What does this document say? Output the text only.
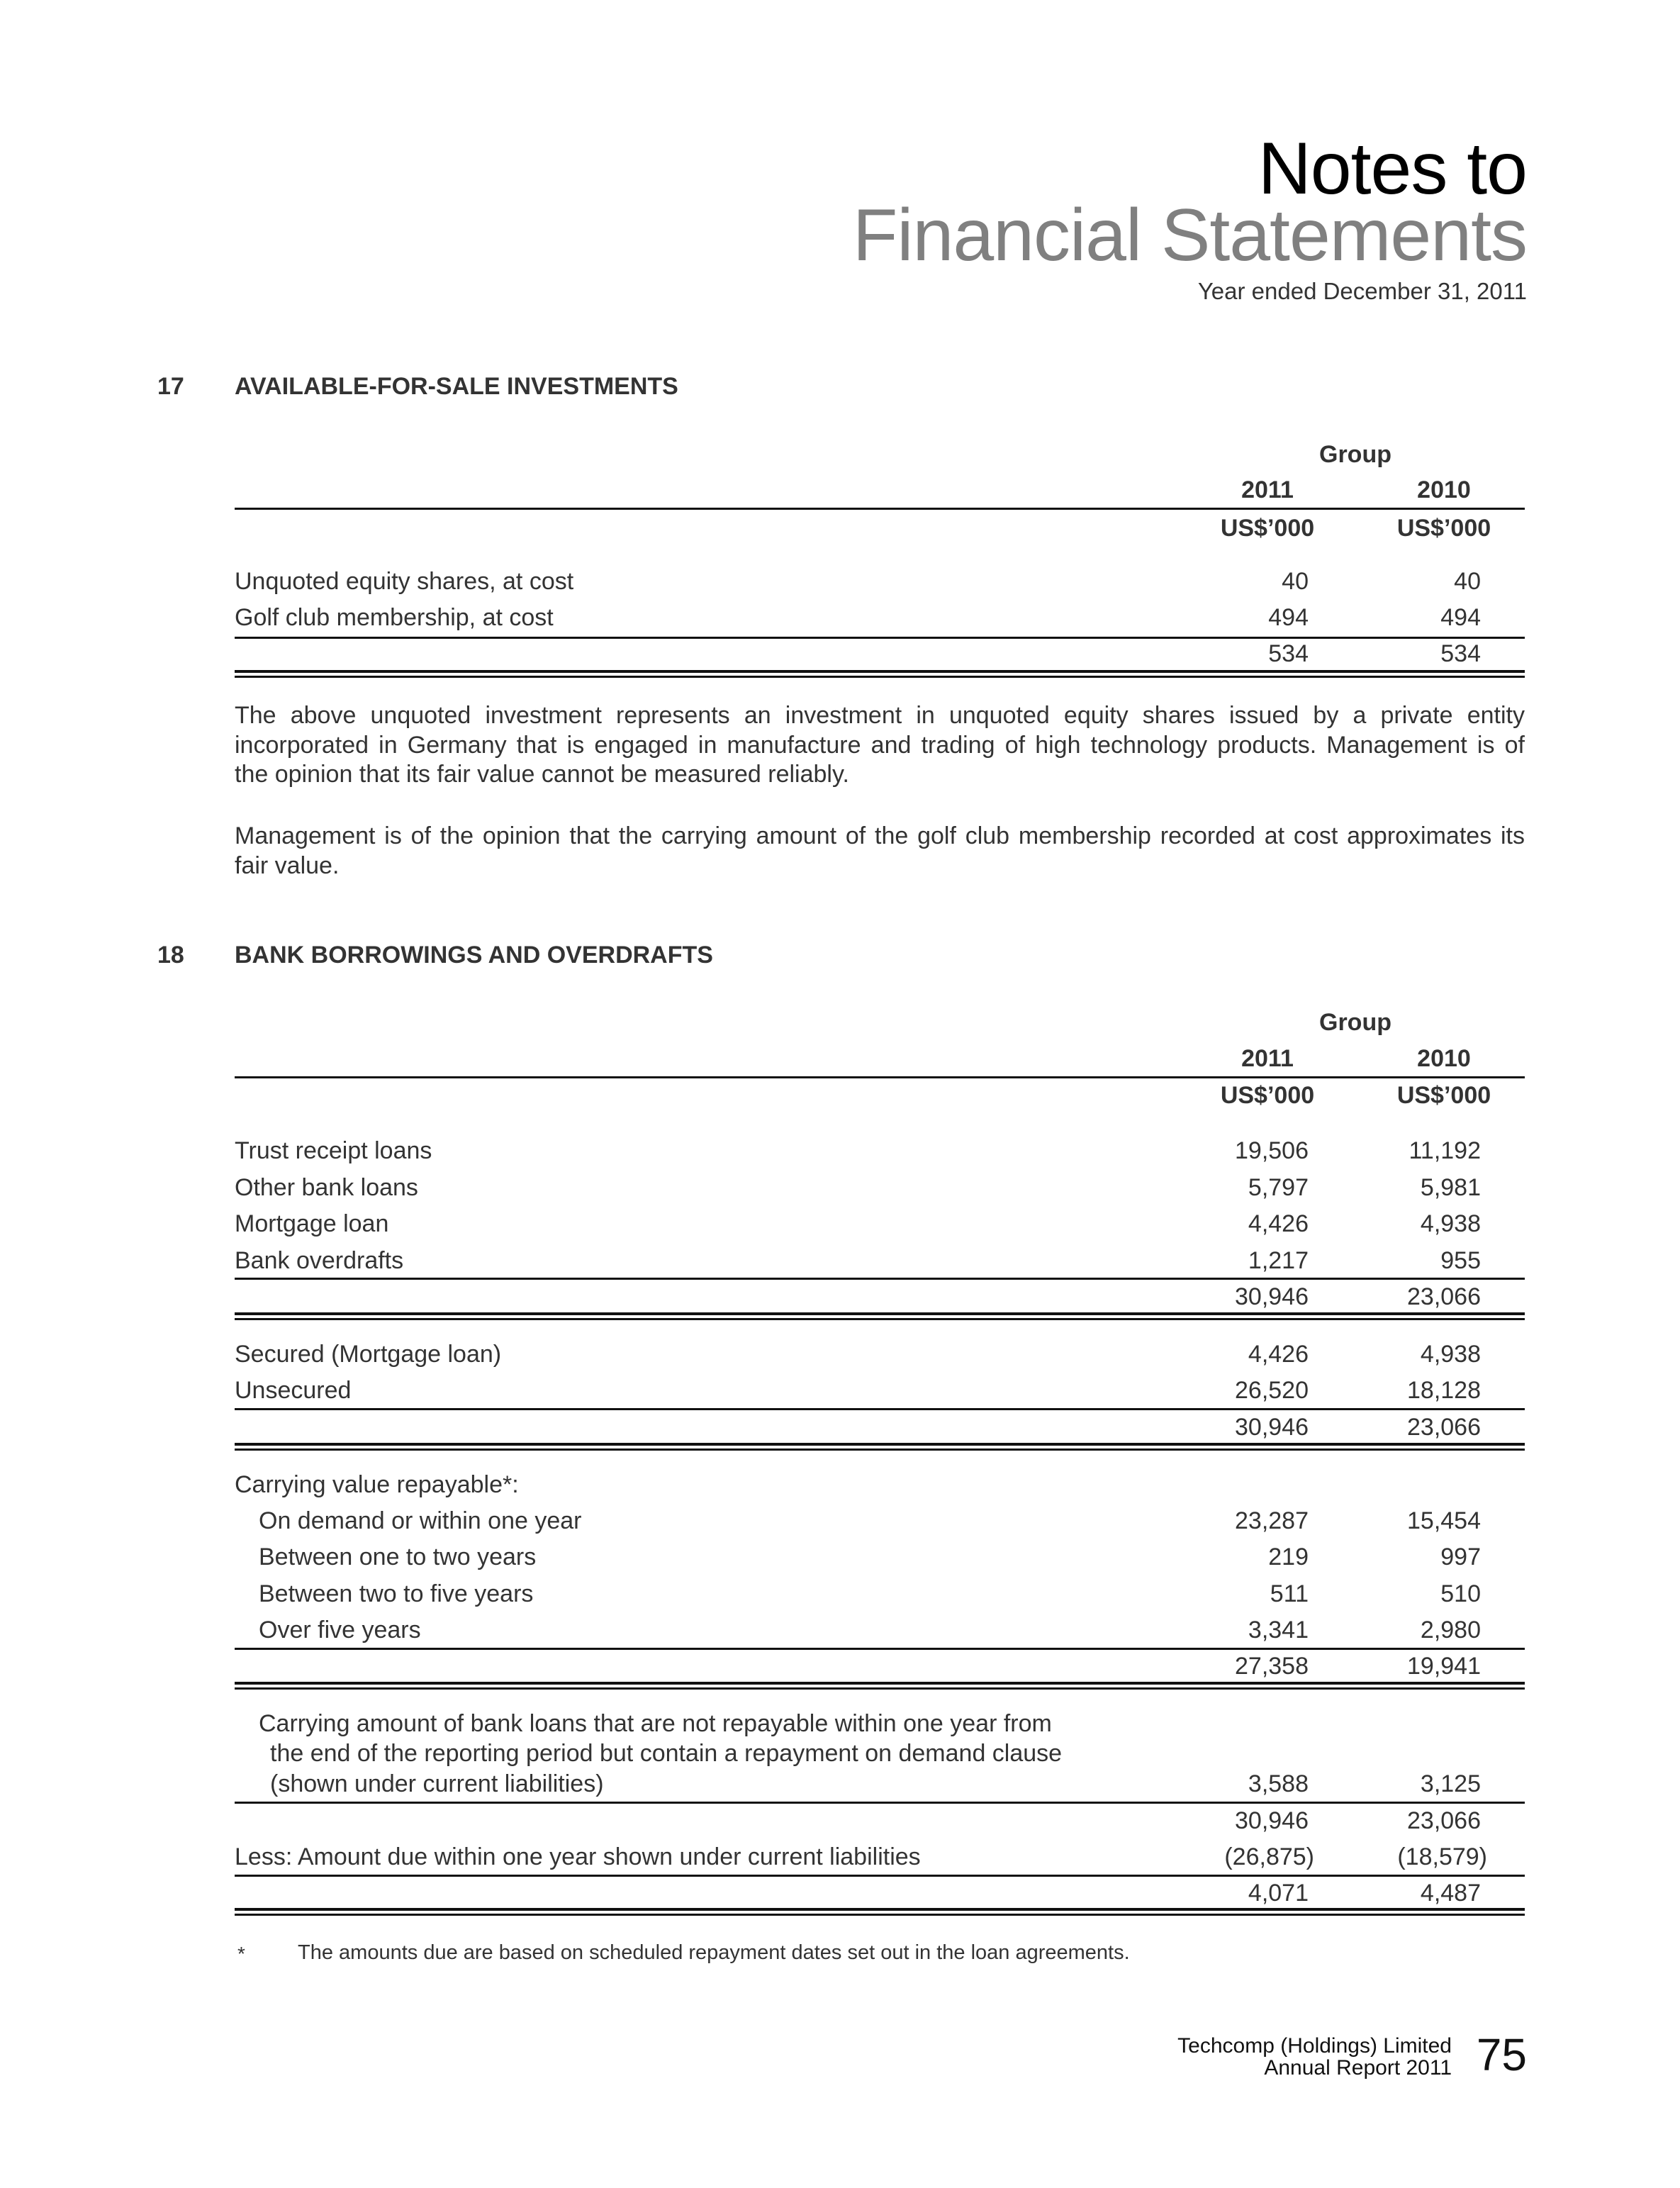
Notes to
Financial Statements
Year ended December 31, 2011
17 AVAILABLE-FOR-SALE INVESTMENTS
Group
2011	2010
US$’000	US$’000
Unquoted equity shares, at cost	40	40
Golf club membership, at cost	494	494
534	534
The above unquoted investment represents an investment in unquoted equity shares issued by a private entity
incorporated in Germany that is engaged in manufacture and trading of high technology products. Management is of
the opinion that its fair value cannot be measured reliably.
Management is of the opinion that the carrying amount of the golf club membership recorded at cost approximates its
fair value.
18 BANK BORROWINGS AND OVERDRAFTS
Group
2011	2010
US$’000	US$’000
Trust receipt loans	19,506	11,192
Other bank loans	5,797	5,981
Mortgage loan	4,426	4,938
Bank overdrafts	1,217	955
30,946	23,066
Secured (Mortgage loan)	4,426	4,938
Unsecured	26,520	18,128
30,946	23,066
Carrying value repayable*:
On demand or within one year	23,287	15,454
Between one to two years	219	997
Between two to five years	511	510
Over five years	3,341	2,980
27,358	19,941
Carrying amount of bank loans that are not repayable within one year from
the end of the reporting period but contain a repayment on demand clause
(shown under current liabilities)	3,588	3,125
30,946	23,066
Less: Amount due within one year shown under current liabilities	(26,875)	(18,579)
4,071	4,487
*	The amounts due are based on scheduled repayment dates set out in the loan agreements.
Techcomp (Holdings) Limited
Annual Report 2011 75
